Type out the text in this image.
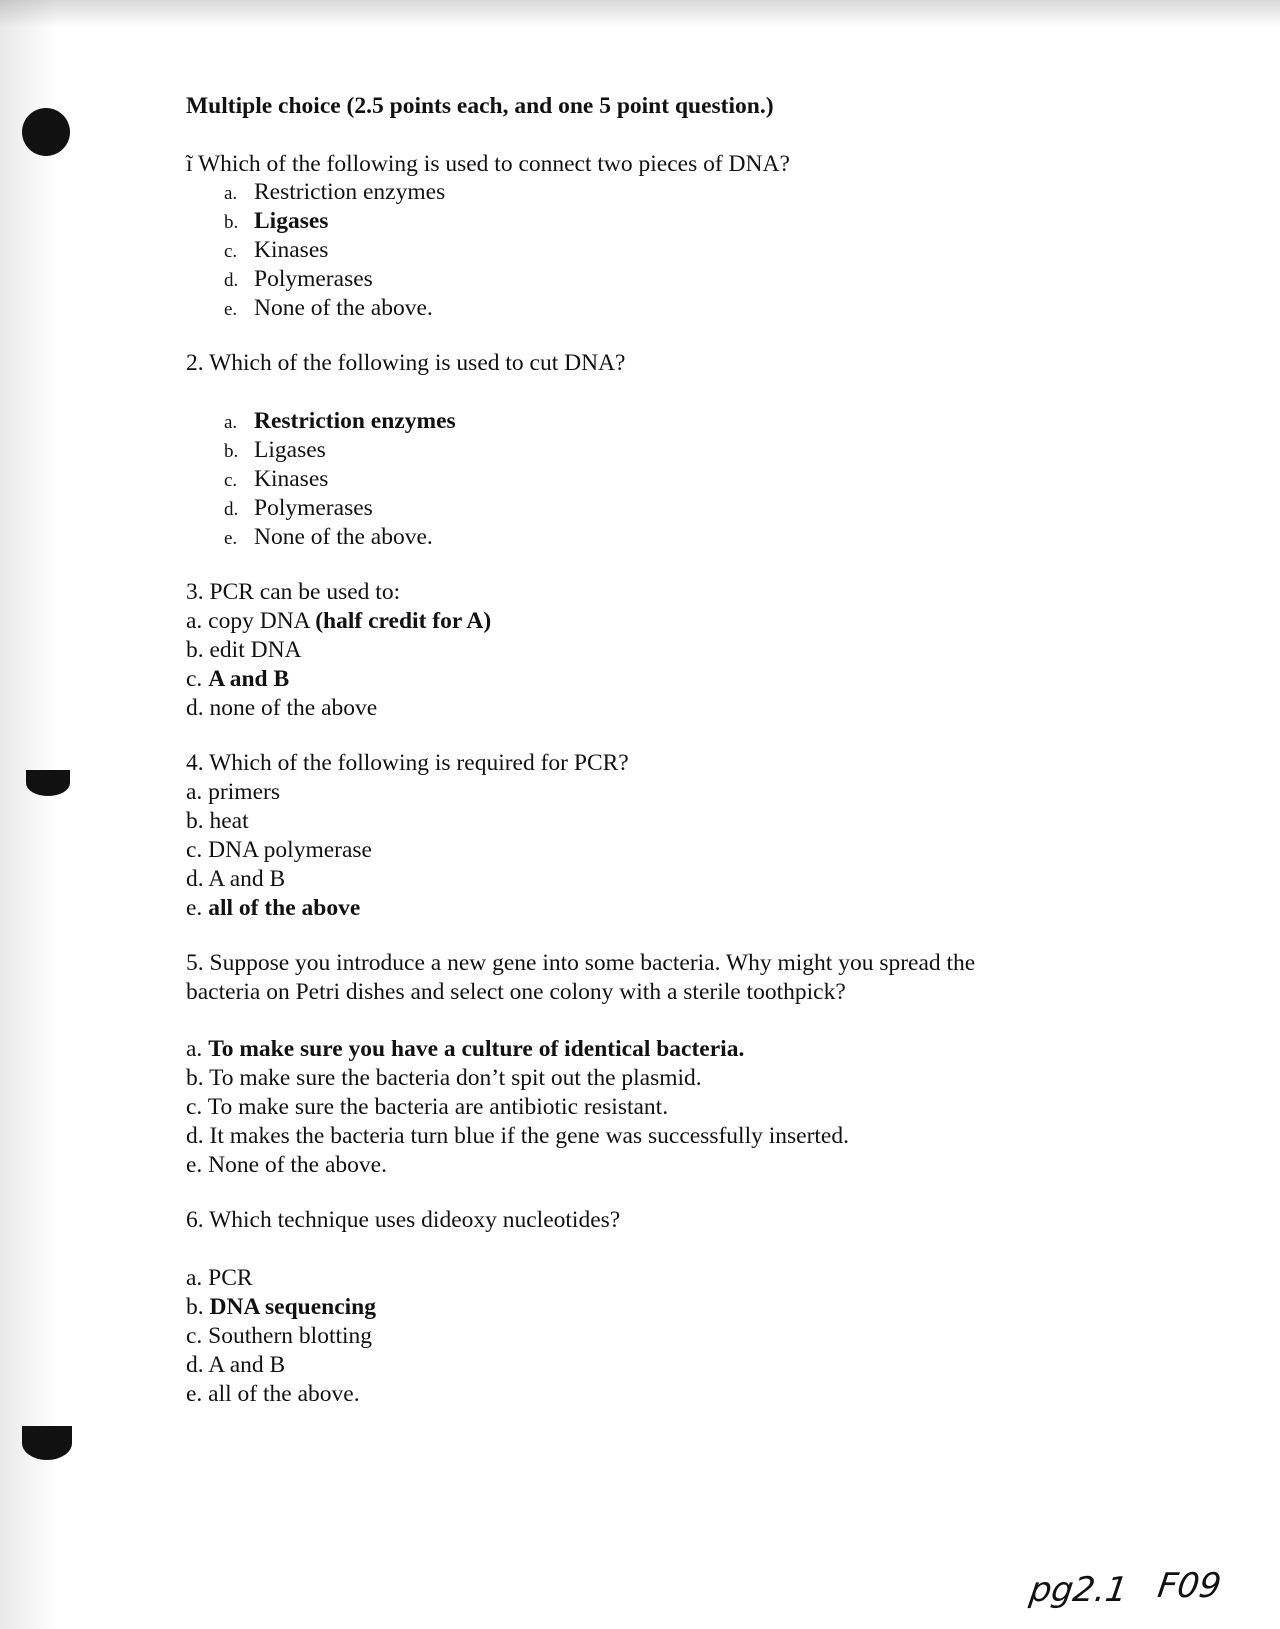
Multiple choice (2.5 points each, and one 5 point question.)
ĩ Which of the following is used to connect two pieces of DNA?
a. Restriction enzymes
b. Ligases
c. Kinases
d. Polymerases
e. None of the above.
2. Which of the following is used to cut DNA?
a. Restriction enzymes
b. Ligases
c. Kinases
d. Polymerases
e. None of the above.
3. PCR can be used to:
a. copy DNA (half credit for A)
b. edit DNA
c. A and B
d. none of the above
4. Which of the following is required for PCR?
a. primers
b. heat
c. DNA polymerase
d. A and B
e. all of the above
5. Suppose you introduce a new gene into some bacteria. Why might you spread the
bacteria on Petri dishes and select one colony with a sterile toothpick?
a. To make sure you have a culture of identical bacteria.
b. To make sure the bacteria don’t spit out the plasmid.
c. To make sure the bacteria are antibiotic resistant.
d. It makes the bacteria turn blue if the gene was successfully inserted.
e. None of the above.
6. Which technique uses dideoxy nucleotides?
a. PCR
b. DNA sequencing
c. Southern blotting
d. A and B
e. all of the above.
pg2.1 F09
